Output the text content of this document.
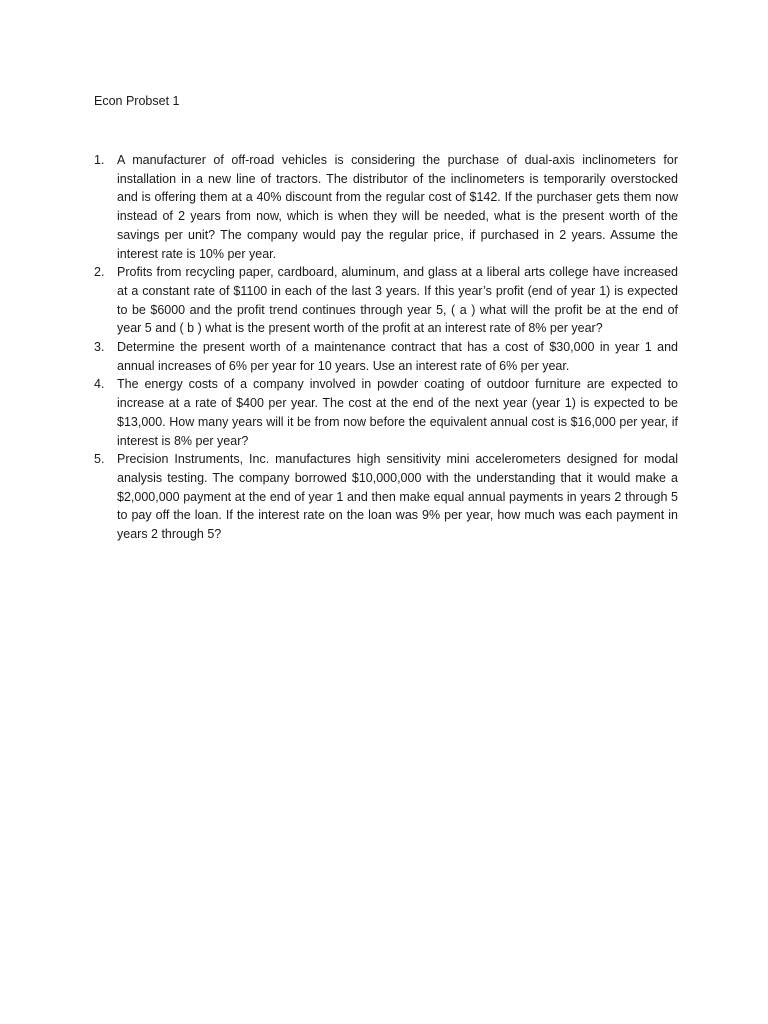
Econ Probset 1
1. A manufacturer of off-road vehicles is considering the purchase of dual-axis inclinometers for installation in a new line of tractors. The distributor of the inclinometers is temporarily overstocked and is offering them at a 40% discount from the regular cost of $142. If the purchaser gets them now instead of 2 years from now, which is when they will be needed, what is the present worth of the savings per unit? The company would pay the regular price, if purchased in 2 years. Assume the interest rate is 10% per year.
2. Profits from recycling paper, cardboard, aluminum, and glass at a liberal arts college have increased at a constant rate of $1100 in each of the last 3 years. If this year’s profit (end of year 1) is expected to be $6000 and the profit trend continues through year 5, ( a ) what will the profit be at the end of year 5 and ( b ) what is the present worth of the profit at an interest rate of 8% per year?
3. Determine the present worth of a maintenance contract that has a cost of $30,000 in year 1 and annual increases of 6% per year for 10 years. Use an interest rate of 6% per year.
4. The energy costs of a company involved in powder coating of outdoor furniture are expected to increase at a rate of $400 per year. The cost at the end of the next year (year 1) is expected to be $13,000. How many years will it be from now before the equivalent annual cost is $16,000 per year, if interest is 8% per year?
5. Precision Instruments, Inc. manufactures high sensitivity mini accelerometers designed for modal analysis testing. The company borrowed $10,000,000 with the understanding that it would make a $2,000,000 payment at the end of year 1 and then make equal annual payments in years 2 through 5 to pay off the loan. If the interest rate on the loan was 9% per year, how much was each payment in years 2 through 5?
